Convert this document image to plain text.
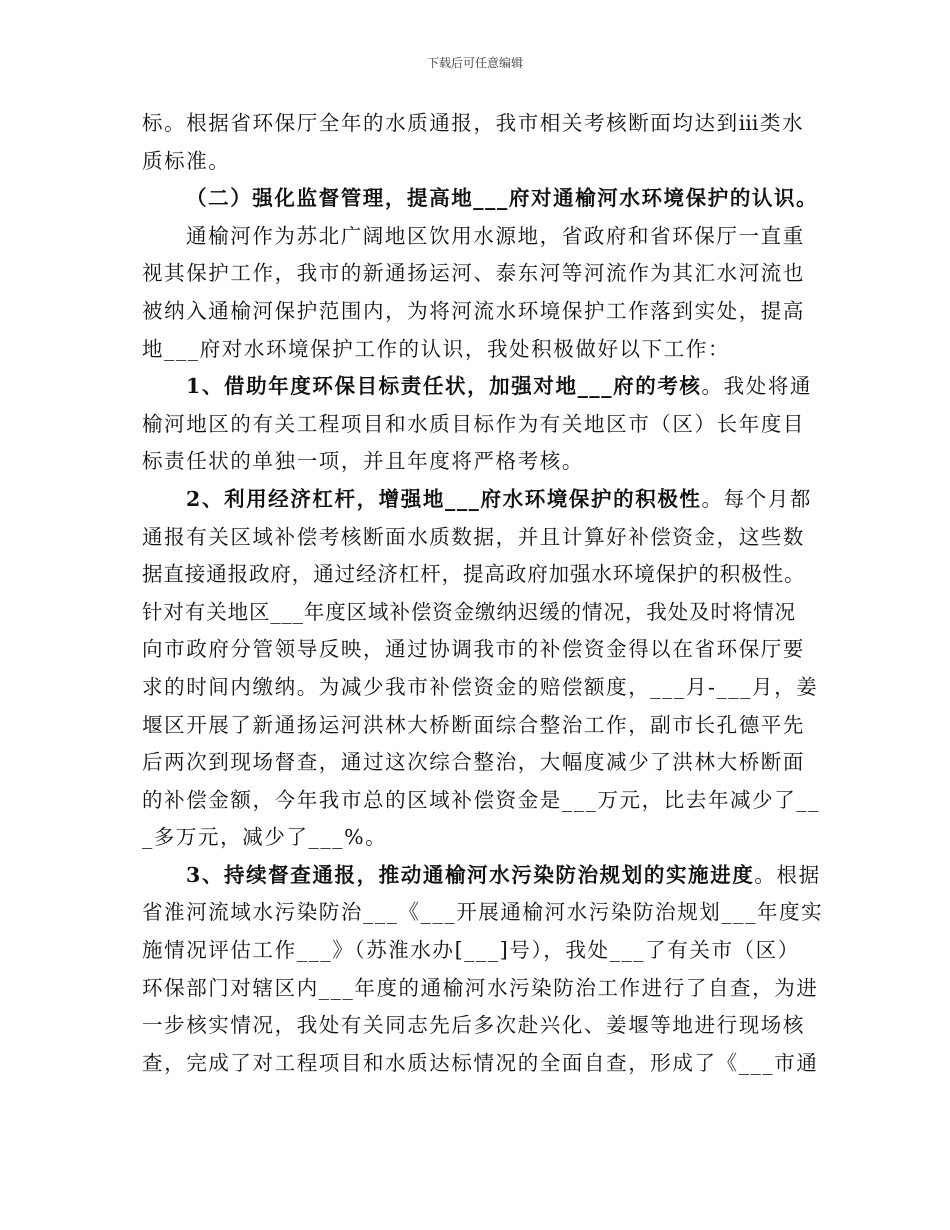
下载后可任意编辑
标。根据省环保厅全年的水质通报，我市相关考核断面均达到ⅲ类水
质标准。
（二）强化监督管理，提高地___府对通榆河水环境保护的认识。
通榆河作为苏北广阔地区饮用水源地，省政府和省环保厅一直重
视其保护工作，我市的新通扬运河、泰东河等河流作为其汇水河流也
被纳入通榆河保护范围内，为将河流水环境保护工作落到实处，提高
地___府对水环境保护工作的认识，我处积极做好以下工作：
1、借助年度环保目标责任状，加强对地___府的考核。我处将通
榆河地区的有关工程项目和水质目标作为有关地区市（区）长年度目
标责任状的单独一项，并且年度将严格考核。
2、利用经济杠杆，增强地___府水环境保护的积极性。每个月都
通报有关区域补偿考核断面水质数据，并且计算好补偿资金，这些数
据直接通报政府，通过经济杠杆，提高政府加强水环境保护的积极性。
针对有关地区___年度区域补偿资金缴纳迟缓的情况，我处及时将情况
向市政府分管领导反映，通过协调我市的补偿资金得以在省环保厅要
求的时间内缴纳。为减少我市补偿资金的赔偿额度，___月-___月，姜
堰区开展了新通扬运河洪林大桥断面综合整治工作，副市长孔德平先
后两次到现场督查，通过这次综合整治，大幅度减少了洪林大桥断面
的补偿金额，今年我市总的区域补偿资金是___万元，比去年减少了__
_多万元，减少了___%。
3、持续督查通报，推动通榆河水污染防治规划的实施进度。根据
省淮河流域水污染防治___《___开展通榆河水污染防治规划___年度实
施情况评估工作___》（苏淮水办[___]号），我处___了有关市（区）
环保部门对辖区内___年度的通榆河水污染防治工作进行了自查，为进
一步核实情况，我处有关同志先后多次赴兴化、姜堰等地进行现场核
查，完成了对工程项目和水质达标情况的全面自查，形成了《___市通
